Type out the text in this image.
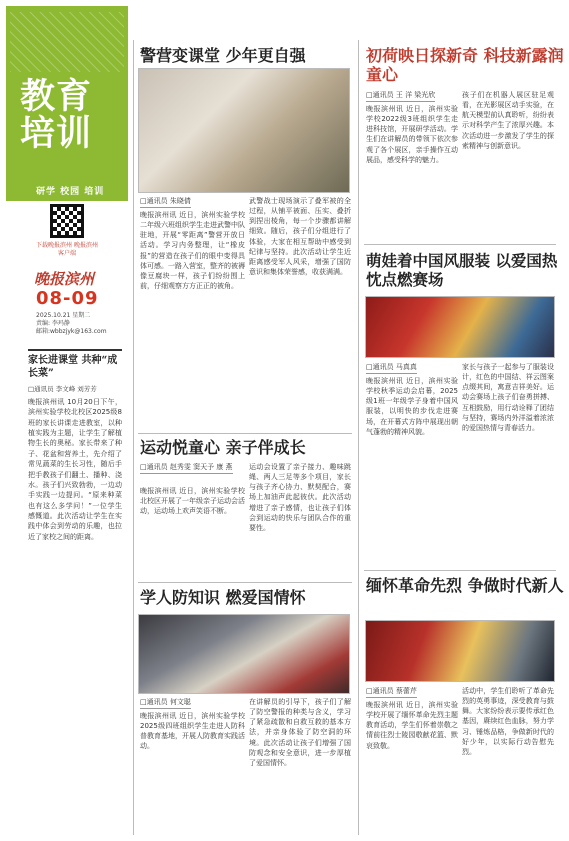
教育
培训
研学 校园 培训
下载晚报滨州 晚报滨州客户端
晚报滨州
08-09
2025.10.21 星期二
责编: 李玛静
邮箱:wbbzjyk@163.com
家长进课堂 共种“成长菜”
□通讯员 李文峰 刘芳芳

晚报滨州讯 10月20日下午，滨州实验学校北校区2025级8班的家长讲课走进教室，以种植实践为主题，让学生了解植物生长的奥秘。家长带来了种子、花盆和营养土，先介绍了常见蔬菜的生长习性，随后手把手教孩子们翻土、播种、浇水。孩子们兴致勃勃，一边动手实践一边提问。“原来种菜也有这么多学问！”一位学生感慨道。此次活动让学生在实践中体会到劳动的乐趣，也拉近了家校之间的距离。

警营变课堂 少年更自强
□通讯员 朱晓倩
晚报滨州讯 近日，滨州实验学校二年级六班组织学生走进武警中队驻地，开展“零距离”警营开放日活动。学习内务整理，让“橡皮报”的营造在孩子们的眼中变得具体可感。一路入营室，整齐的被褥像豆腐块一样，孩子们纷纷围上前，仔细观察方方正正的被角。
武警战士现场演示了叠军被的全过程，从铺平被面、压实、叠折到捏出棱角，每一个步骤都讲解细致。随后，孩子们分组进行了体验，大家在相互帮助中感受到纪律与坚持。此次活动让学生近距离感受军人风采，增强了国防意识和集体荣誉感，收获满满。
初荷映日探新奇 科技新露润童心
□通讯员 王 洋 梁光欣
晚报滨州讯 近日，滨州实验学校2022级3班组织学生走进科技馆，开展研学活动。学生们在讲解员的带领下依次参观了各个展区，亲手操作互动展品，感受科学的魅力。
孩子们在机器人展区驻足观看，在光影展区动手实验，在航天模型前认真聆听，纷纷表示对科学产生了浓厚兴趣。本次活动进一步激发了学生的探索精神与创新意识。
萌娃着中国风服装 以爱国热忱点燃赛场
□通讯员 马真真
晚报滨州讯 近日，滨州实验学校秋季运动会启幕，2025级1班一年级学子身着中国风服装，以明快的步伐走进赛场，在开幕式方阵中展现出朝气蓬勃的精神风貌。
家长与孩子一起参与了服装设计，红色的中国结、祥云图案点缀其间，寓意吉祥美好。运动会赛场上孩子们奋勇拼搏、互相鼓励，用行动诠释了团结与坚持，赛场内外洋溢着浓浓的爱国热情与青春活力。
运动悦童心 亲子伴成长
□通讯员 赵秀雯 窦天予 康 燕
晚报滨州讯 近日，滨州实验学校北校区开展了一年级亲子运动会活动，运动场上欢声笑语不断。
运动会设置了亲子接力、趣味跳绳、两人三足等多个项目，家长与孩子齐心协力、默契配合，赛场上加油声此起彼伏。此次活动增进了亲子感情，也让孩子们体会到运动的快乐与团队合作的重要性。
学人防知识 燃爱国情怀
□通讯员 何文聪
晚报滨州讯 近日，滨州实验学校2025级四班组织学生走进人防科普教育基地，开展人防教育实践活动。
在讲解员的引导下，孩子们了解了防空警报的种类与含义，学习了紧急疏散和自救互救的基本方法，并亲身体验了防空洞的环境。此次活动让孩子们增强了国防观念和安全意识，进一步厚植了爱国情怀。
缅怀革命先烈 争做时代新人
□通讯员 蔡蕾芹
晚报滨州讯 近日，滨州实验学校开展了缅怀革命先烈主题教育活动，学生们怀着崇敬之情前往烈士陵园敬献花篮、默哀致敬。
活动中，学生们聆听了革命先烈的英勇事迹，深受教育与鼓舞。大家纷纷表示要传承红色基因，赓续红色血脉，努力学习、锤炼品格，争做新时代的好少年，以实际行动告慰先烈。
